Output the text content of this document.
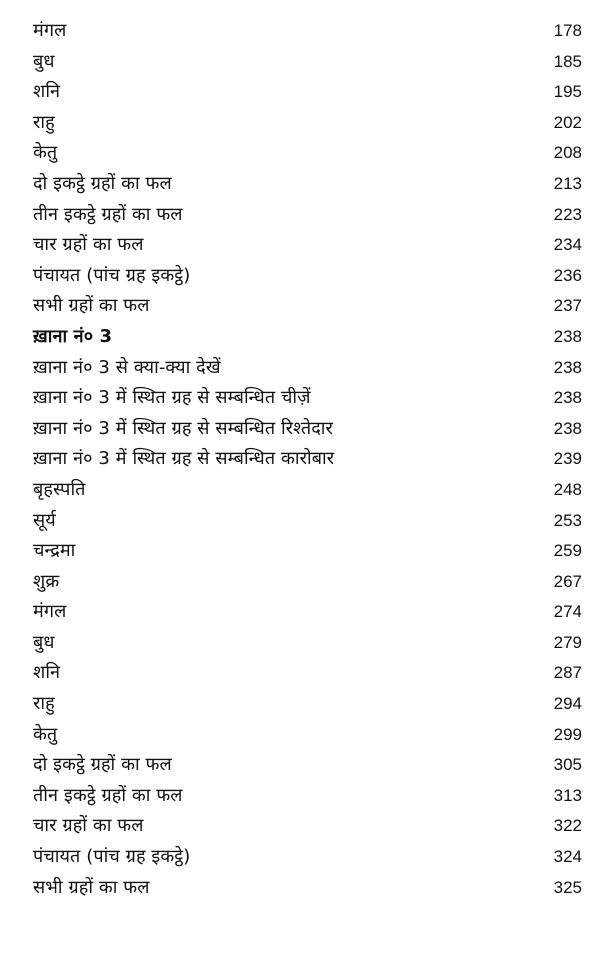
मंगल	178
बुध	185
शनि	195
राहु	202
केतु	208
दो इकट्ठे ग्रहों का फल	213
तीन इकट्ठे ग्रहों का फल	223
चार ग्रहों का फल	234
पंचायत (पांच ग्रह इकट्ठे)	236
सभी ग्रहों का फल	237
ख़ाना नं० 3	238
ख़ाना नं० 3 से क्या-क्या देखें	238
ख़ाना नं० 3 में स्थित ग्रह से सम्बन्धित चीज़ें	238
ख़ाना नं० 3 में स्थित ग्रह से सम्बन्धित रिश्तेदार	238
ख़ाना नं० 3 में स्थित ग्रह से सम्बन्धित कारोबार	239
बृहस्पति	248
सूर्य	253
चन्द्रमा	259
शुक्र	267
मंगल	274
बुध	279
शनि	287
राहु	294
केतु	299
दो इकट्ठे ग्रहों का फल	305
तीन इकट्ठे ग्रहों का फल	313
चार ग्रहों का फल	322
पंचायत (पांच ग्रह इकट्ठे)	324
सभी ग्रहों का फल	325
